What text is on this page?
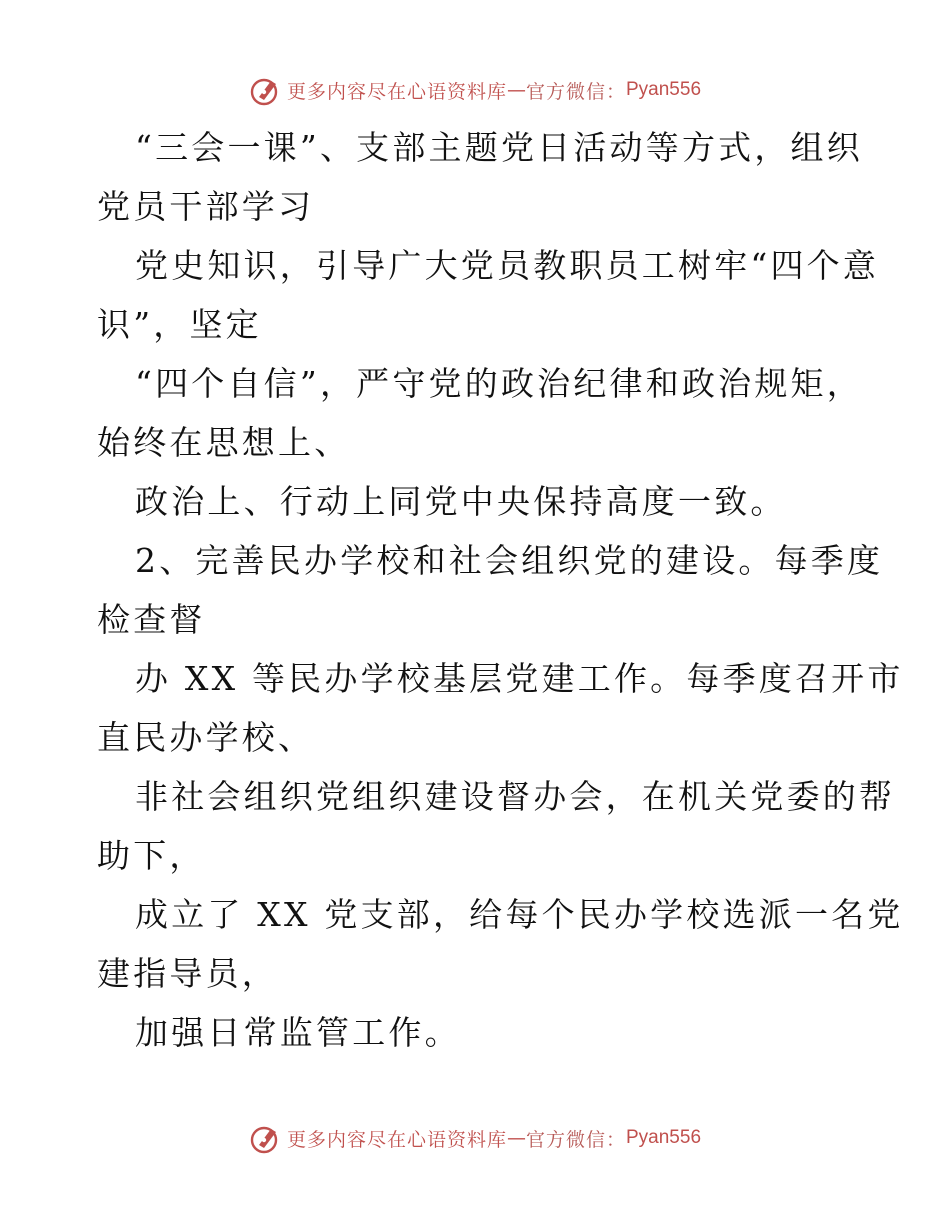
更多内容尽在心语资料库 — 官方微信： Pyan556
“三会一课”、支部主题党日活动等方式，组织
党员干部学习
党史知识，引导广大党员教职员工树牢“四个意
识”，坚定
“四个自信”，严守党的政治纪律和政治规矩，
始终在思想上、
政治上、行动上同党中央保持高度一致。
2、完善民办学校和社会组织党的建设。每季度
检查督
办 XX 等民办学校基层党建工作。每季度召开市
直民办学校、
非社会组织党组织建设督办会，在机关党委的帮
助下，
成立了 XX 党支部，给每个民办学校选派一名党
建指导员，
加强日常监管工作。
更多内容尽在心语资料库 — 官方微信： Pyan556
